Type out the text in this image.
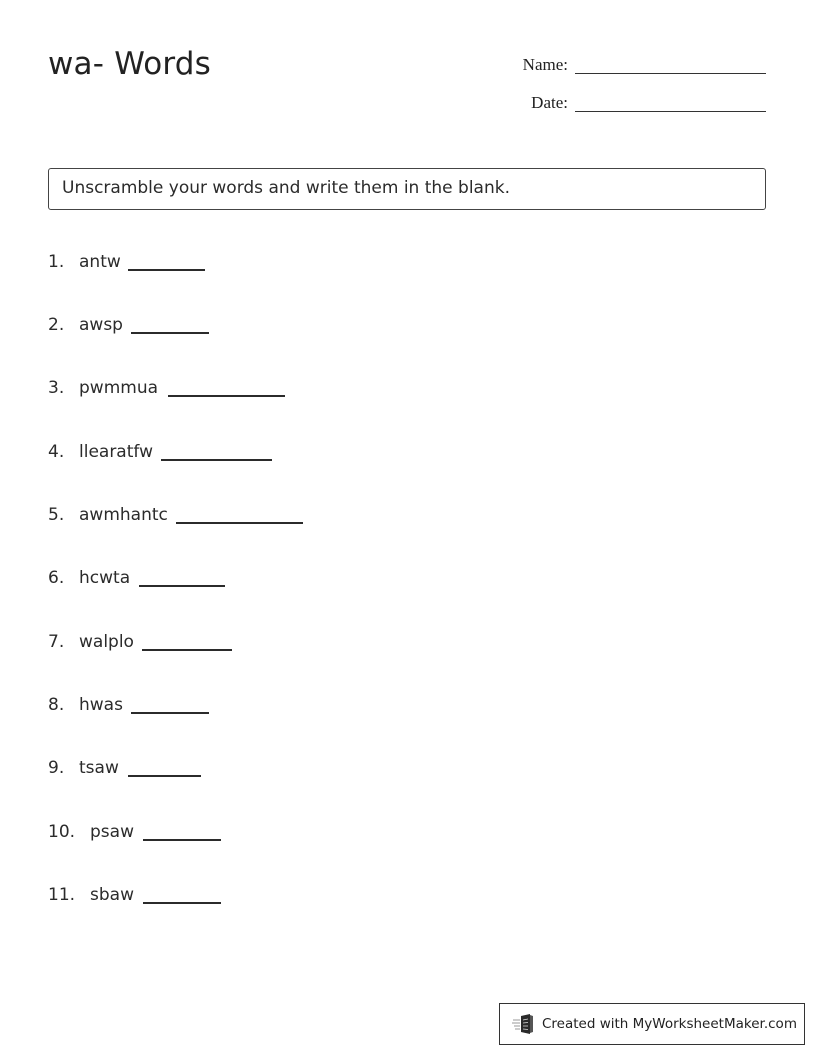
wa- Words	Name:
Date:
Unscramble your words and write them in the blank.
1. antw
2. awsp
3. pwmmua
4. llearatfw
5. awmhantc
6. hcwta
7. walplo
8. hwas
9. tsaw
10. psaw
11. sbaw
Created with MyWorksheetMaker.com
